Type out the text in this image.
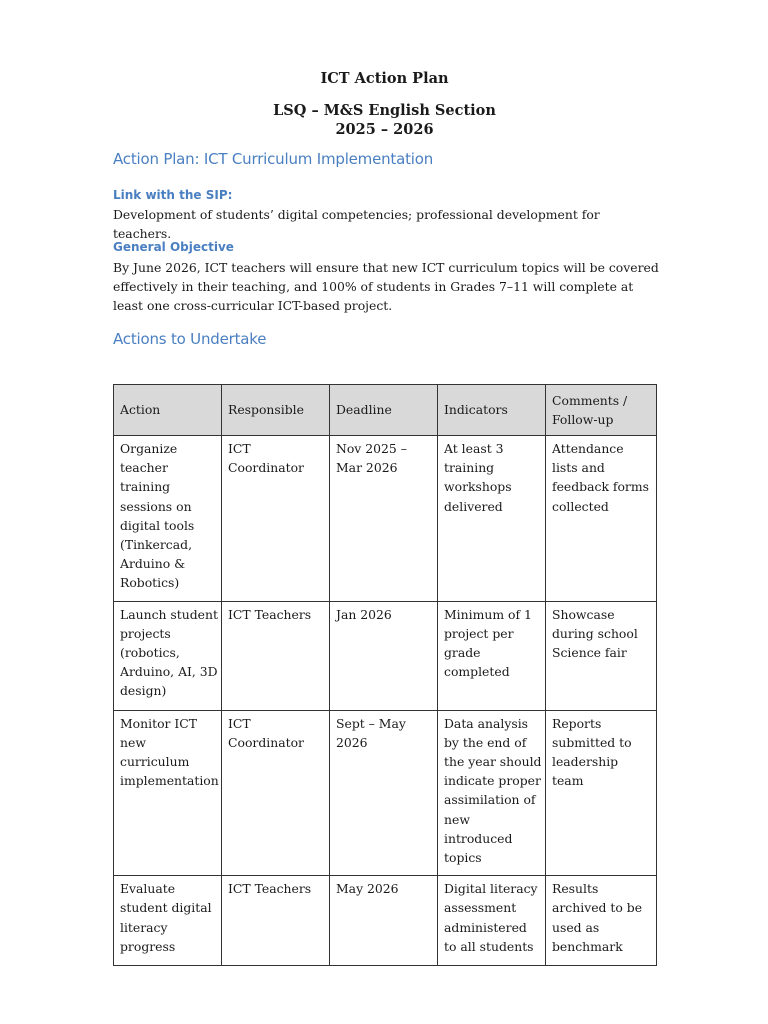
ICT Action Plan
LSQ – M&S English Section
2025 – 2026
Action Plan: ICT Curriculum Implementation
Link with the SIP:
Development of students’ digital competencies; professional development for teachers.
General Objective
By June 2026, ICT teachers will ensure that new ICT curriculum topics will be covered effectively in their teaching, and 100% of students in Grades 7–11 will complete at least one cross-curricular ICT-based project.
Actions to Undertake
Action	Responsible	Deadline	Indicators	Comments / Follow-up
Organize teacher training sessions on digital tools (Tinkercad, Arduino & Robotics)	ICT Coordinator	Nov 2025 – Mar 2026	At least 3 training workshops delivered	Attendance lists and feedback forms collected
Launch student projects (robotics, Arduino, AI, 3D design)	ICT Teachers	Jan 2026	Minimum of 1 project per grade completed	Showcase during school Science fair
Monitor ICT new curriculum implementation	ICT Coordinator	Sept – May 2026	Data analysis by the end of the year should indicate proper assimilation of new introduced topics	Reports submitted to leadership team
Evaluate student digital literacy progress	ICT Teachers	May 2026	Digital literacy assessment administered to all students	Results archived to be used as benchmark
